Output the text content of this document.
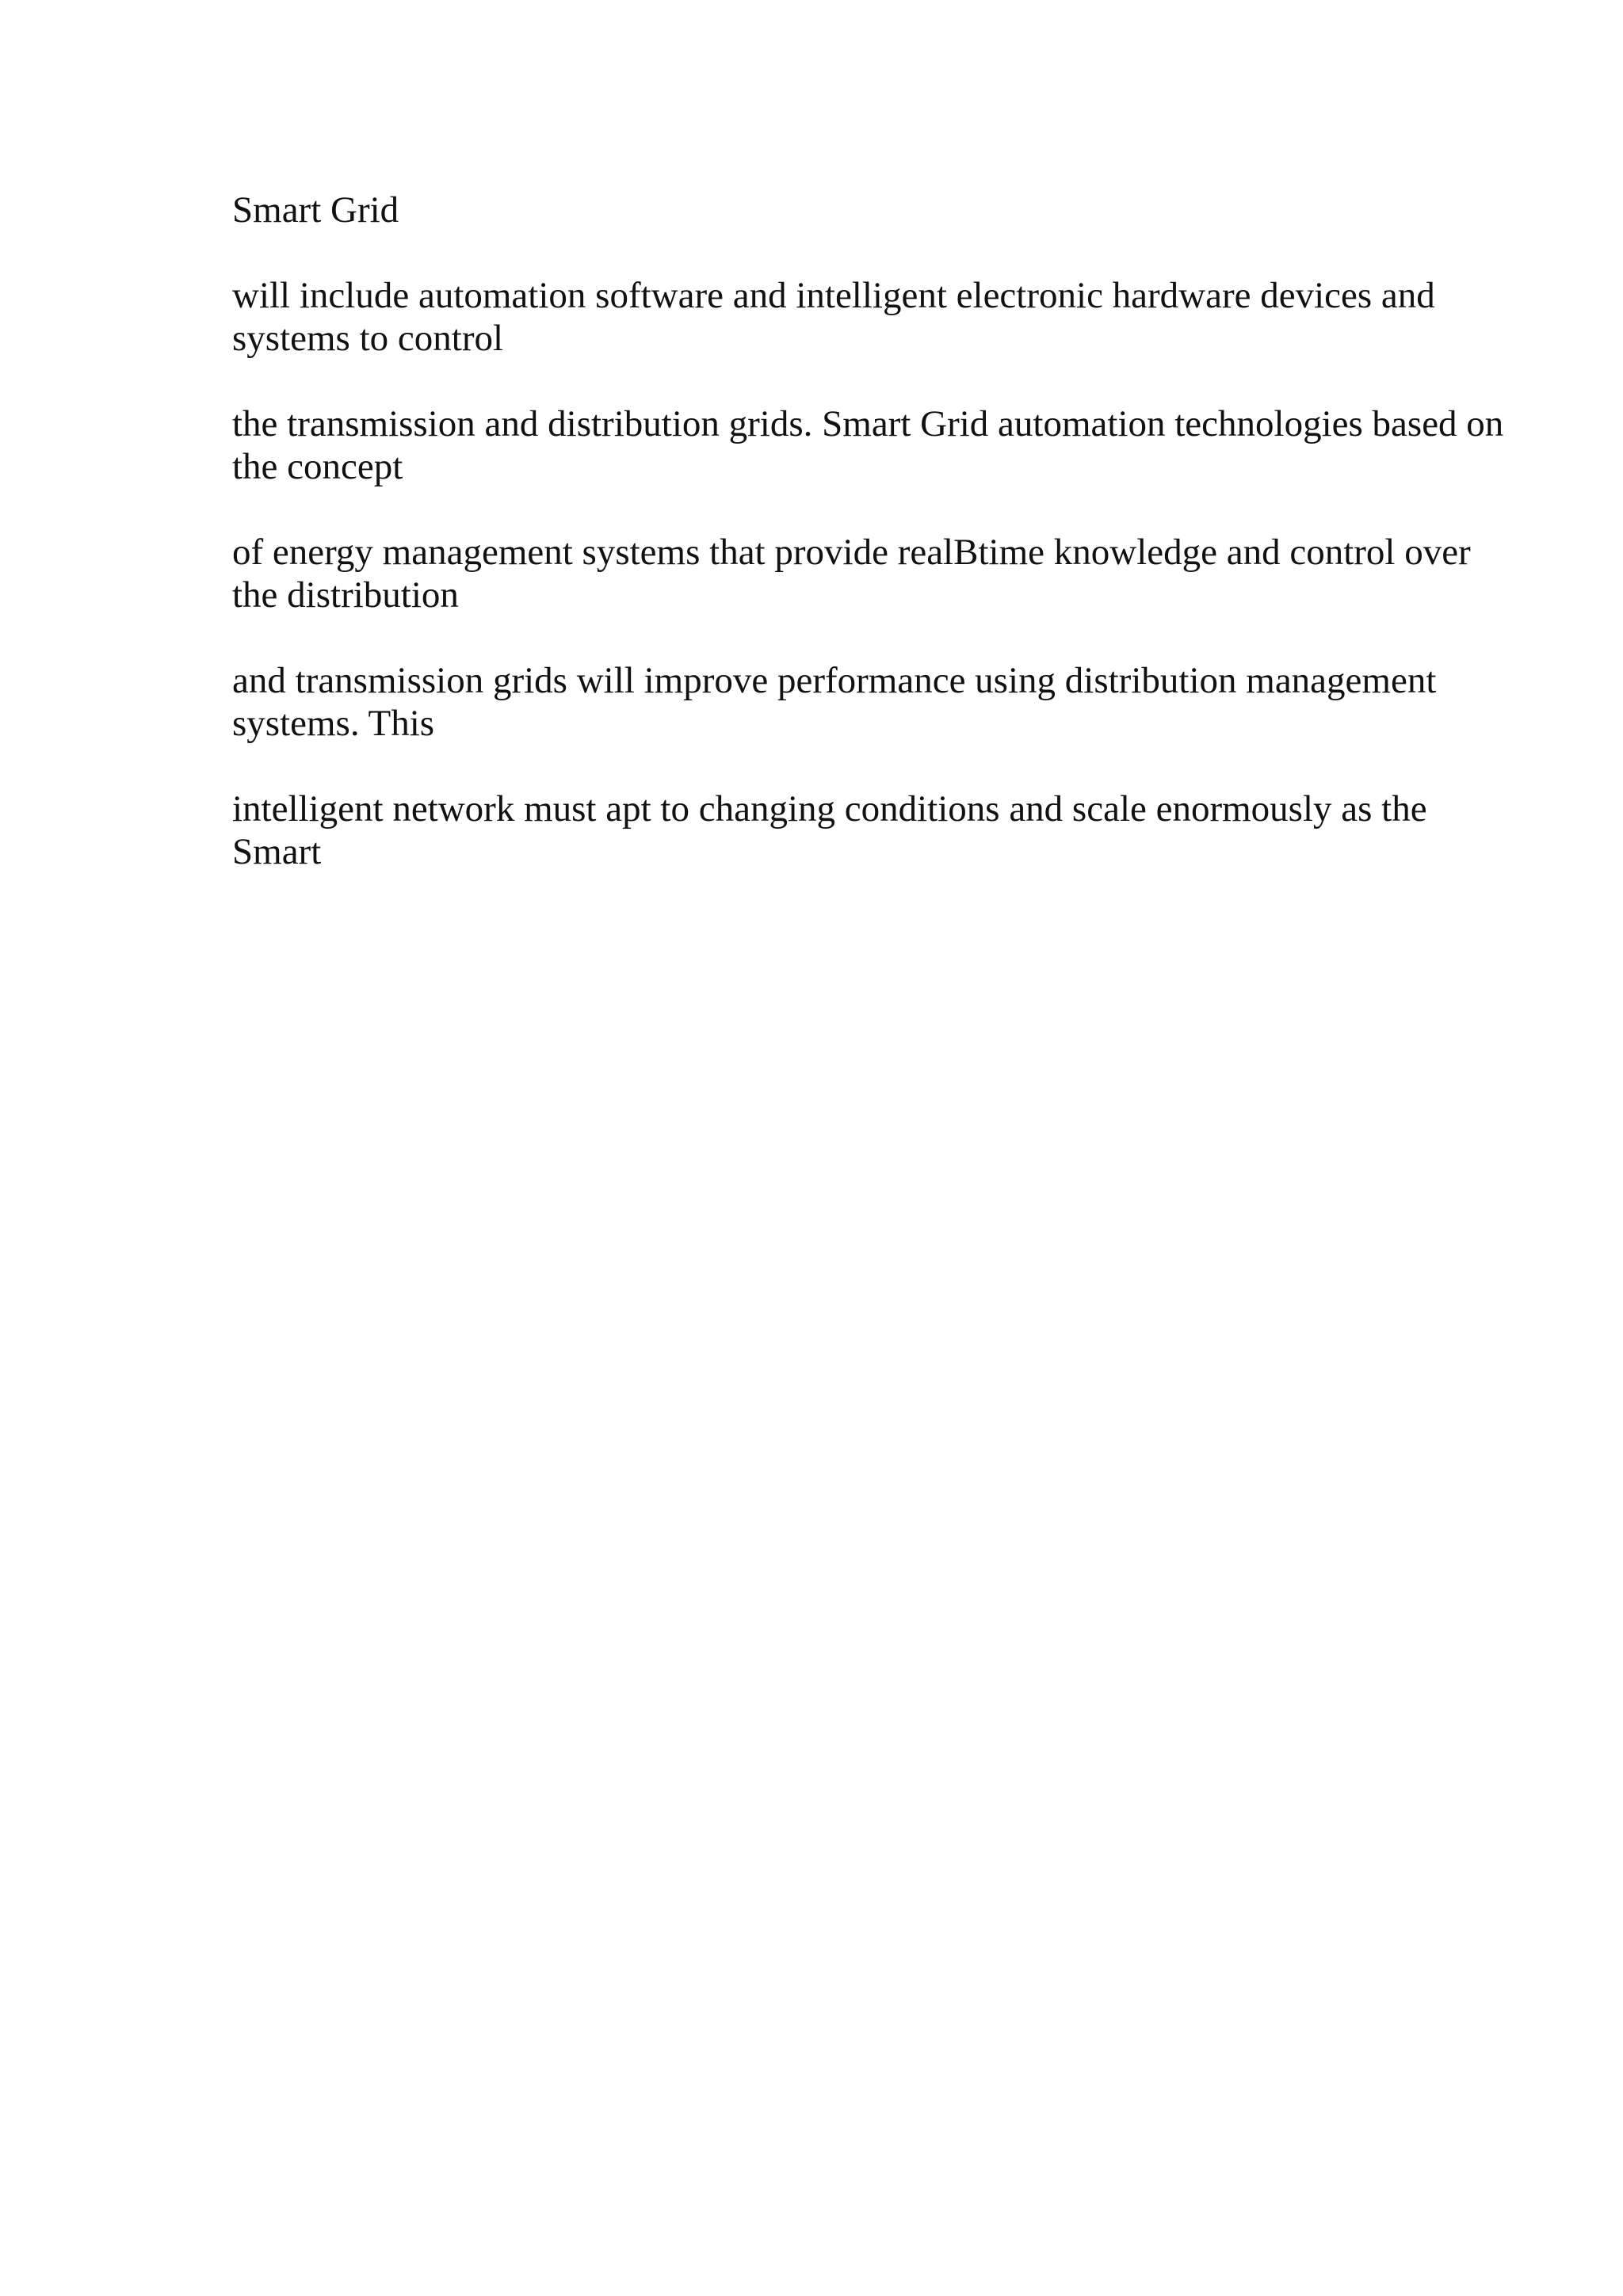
Smart Grid

will include automation software and intelligent electronic hardware devices and systems to control

the transmission and distribution grids. Smart Grid automation technologies based on the concept

of energy management systems that provide realBtime knowledge and control over the distribution

and transmission grids will improve performance using distribution management systems. This

intelligent network must apt to changing conditions and scale enormously as the Smart
